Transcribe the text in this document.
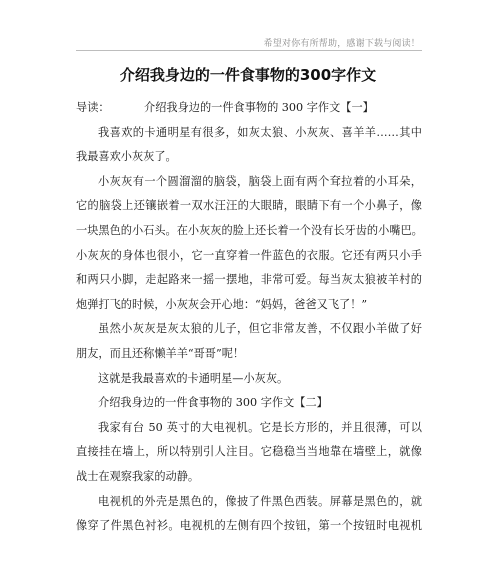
希望对你有所帮助，感谢下载与阅读！
介绍我身边的一件食事物的300字作文
导读：	介绍我身边的一件食事物的 300 字作文【一】
我喜欢的卡通明星有很多，如灰太狼、小灰灰、喜羊羊……其中
我最喜欢小灰灰了。
小灰灰有一个圆溜溜的脑袋，脑袋上面有两个耷拉着的小耳朵，
它的脑袋上还镶嵌着一双水汪汪的大眼睛，眼睛下有一个小鼻子，像
一块黑色的小石头。在小灰灰的脸上还长着一个没有长牙齿的小嘴巴。
小灰灰的身体也很小，它一直穿着一件蓝色的衣服。它还有两只小手
和两只小脚，走起路来一摇一摆地，非常可爱。每当灰太狼被羊村的
炮弹打飞的时候，小灰灰会开心地：“妈妈，爸爸又飞了！”
虽然小灰灰是灰太狼的儿子，但它非常友善，不仅跟小羊做了好
朋友，而且还称懒羊羊“哥哥”呢！
这就是我最喜欢的卡通明星—小灰灰。
介绍我身边的一件食事物的 300 字作文【二】
我家有台 50 英寸的大电视机。它是长方形的，并且很薄，可以
直接挂在墙上，所以特别引人注目。它稳稳当当地靠在墙壁上，就像
战士在观察我家的动静。
电视机的外壳是黑色的，像披了件黑色西装。屏幕是黑色的，就
像穿了件黑色衬衫。电视机的左侧有四个按钮，第一个按钮时电视机
